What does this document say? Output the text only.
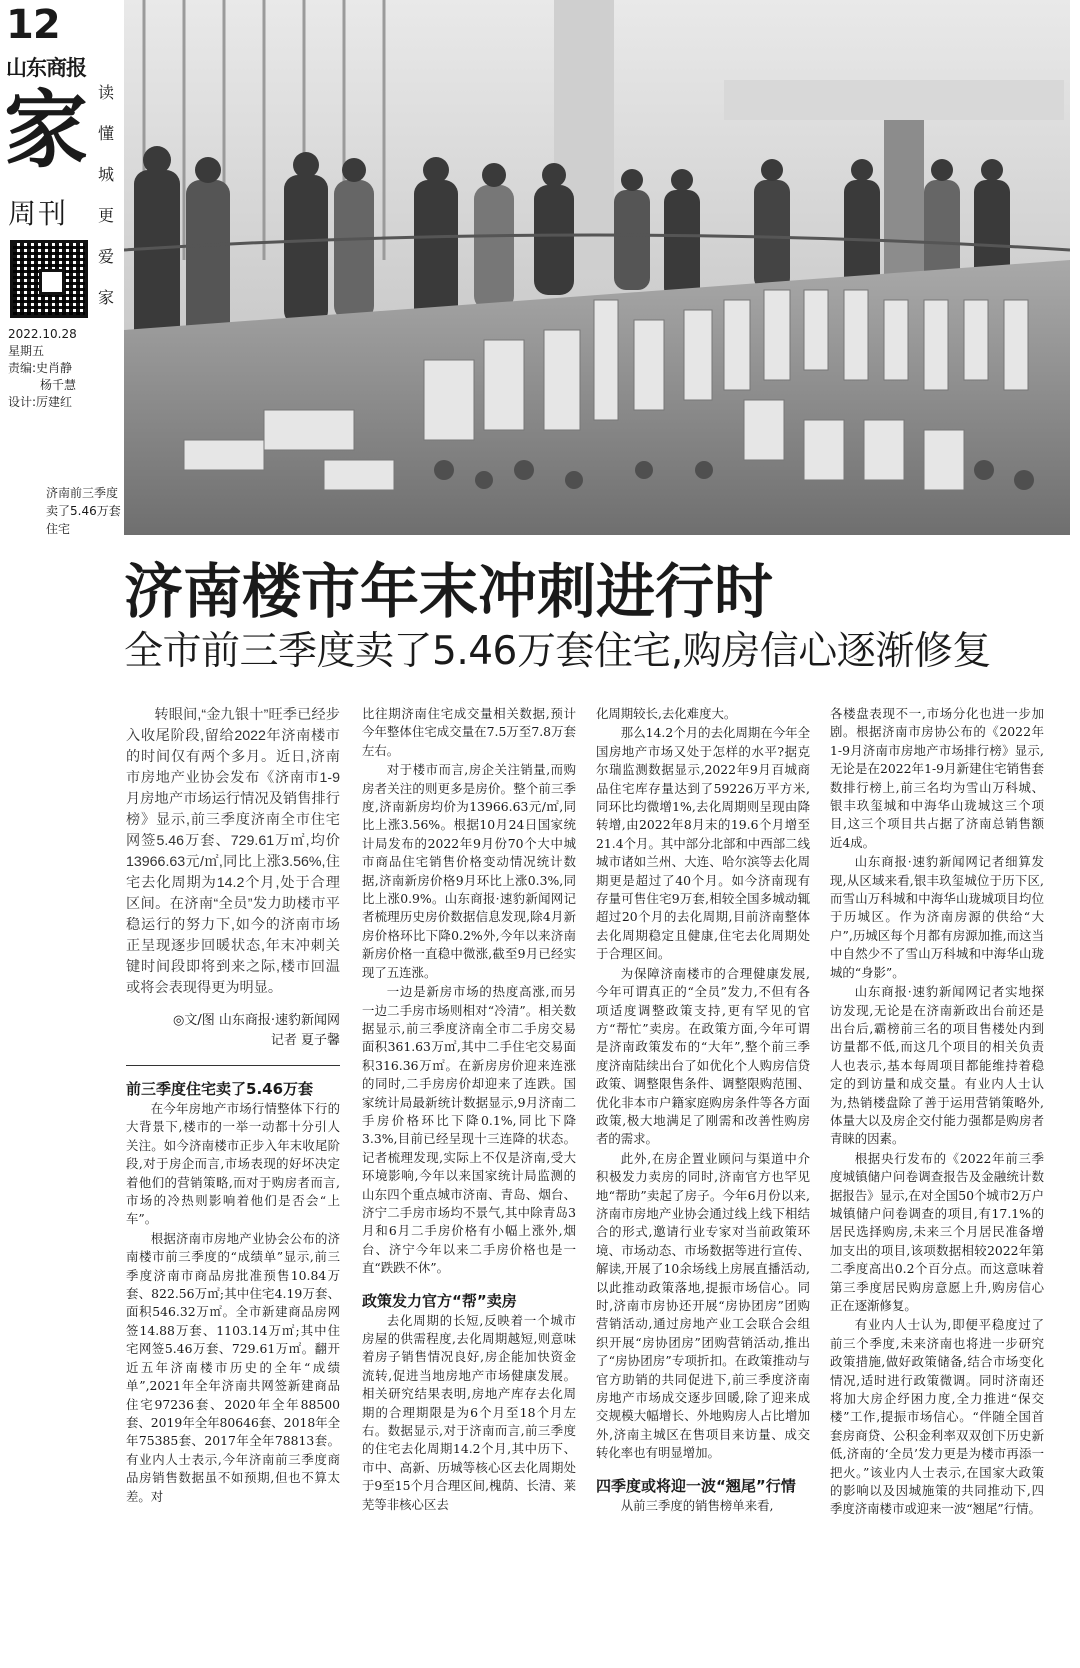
12
山东商报
家
周刊
读
懂
城
更
爱
家
2022.10.28
星期五
责编:史肖静
杨千慧
设计:厉建红
济南前三季度卖了5.46万套住宅
济南楼市年末冲刺进行时
全市前三季度卖了5.46万套住宅,购房信心逐渐修复

转眼间,“金九银十”旺季已经步入收尾阶段,留给2022年济南楼市的时间仅有两个多月。近日,济南市房地产业协会发布《济南市1-9月房地产市场运行情况及销售排行榜》显示,前三季度济南全市住宅网签5.46万套、729.61万㎡,均价13966.63元/㎡,同比上涨3.56%,住宅去化周期为14.2个月,处于合理区间。在济南“全员”发力助楼市平稳运行的努力下,如今的济南市场正呈现逐步回暖状态,年末冲刺关键时间段即将到来之际,楼市回温或将会表现得更为明显。

◎文/图 山东商报·速豹新闻网
记者 夏子馨

前三季度住宅卖了5.46万套

在今年房地产市场行情整体下行的大背景下,楼市的一举一动都十分引人关注。如今济南楼市正步入年末收尾阶段,对于房企而言,市场表现的好坏决定着他们的营销策略,而对于购房者而言,市场的冷热则影响着他们是否会“上车”。

根据济南市房地产业协会公布的济南楼市前三季度的“成绩单”显示,前三季度济南市商品房批准预售10.84万套、822.56万㎡;其中住宅4.19万套、面积546.32万㎡。全市新建商品房网签14.88万套、1103.14万㎡;其中住宅网签5.46万套、729.61万㎡。翻开近五年济南楼市历史的全年“成绩单”,2021年全年济南共网签新建商品住宅97236套、2020年全年88500套、2019年全年80646套、2018年全年75385套、2017年全年78813套。有业内人士表示,今年济南前三季度商品房销售数据虽不如预期,但也不算太差。对

比往期济南住宅成交量相关数据,预计今年整体住宅成交量在7.5万至7.8万套左右。

对于楼市而言,房企关注销量,而购房者关注的则更多是房价。整个前三季度,济南新房均价为13966.63元/㎡,同比上涨3.56%。根据10月24日国家统计局发布的2022年9月份70个大中城市商品住宅销售价格变动情况统计数据,济南新房价格9月环比上涨0.3%,同比上涨0.9%。山东商报·速豹新闻网记者梳理历史房价数据信息发现,除4月新房价格环比下降0.2%外,今年以来济南新房价格一直稳中微涨,截至9月已经实现了五连涨。

一边是新房市场的热度高涨,而另一边二手房市场则相对“冷清”。相关数据显示,前三季度济南全市二手房交易面积361.63万㎡,其中二手住宅交易面积316.36万㎡。在新房房价迎来连涨的同时,二手房房价却迎来了连跌。国家统计局最新统计数据显示,9月济南二手房价格环比下降0.1%,同比下降3.3%,目前已经呈现十三连降的状态。记者梳理发现,实际上不仅是济南,受大环境影响,今年以来国家统计局监测的山东四个重点城市济南、青岛、烟台、济宁二手房市场均不景气,其中除青岛3月和6月二手房价格有小幅上涨外,烟台、济宁今年以来二手房价格也是一直“跌跌不休”。

政策发力官方“帮”卖房

去化周期的长短,反映着一个城市房屋的供需程度,去化周期越短,则意味着房子销售情况良好,房企能加快资金流转,促进当地房地产市场健康发展。相关研究结果表明,房地产库存去化周期的合理期限是为6个月至18个月左右。数据显示,对于济南而言,前三季度的住宅去化周期14.2个月,其中历下、市中、高新、历城等核心区去化周期处于9至15个月合理区间,槐荫、长清、莱芜等非核心区去

化周期较长,去化难度大。

那么14.2个月的去化周期在今年全国房地产市场又处于怎样的水平?据克尔瑞监测数据显示,2022年9月百城商品住宅库存量达到了59226万平方米,同环比均微增1%,去化周期则呈现由降转增,由2022年8月末的19.6个月增至21.4个月。其中部分北部和中西部二线城市诸如兰州、大连、哈尔滨等去化周期更是超过了40个月。如今济南现有存量可售住宅9万套,相较全国多城动辄超过20个月的去化周期,目前济南整体去化周期稳定且健康,住宅去化周期处于合理区间。

为保障济南楼市的合理健康发展,今年可谓真正的“全员”发力,不但有各项适度调整政策支持,更有罕见的官方“帮忙”卖房。在政策方面,今年可谓是济南政策发布的“大年”,整个前三季度济南陆续出台了如优化个人购房信贷政策、调整限售条件、调整限购范围、优化非本市户籍家庭购房条件等各方面政策,极大地满足了刚需和改善性购房者的需求。

此外,在房企置业顾问与渠道中介积极发力卖房的同时,济南官方也罕见地“帮助”卖起了房子。今年6月份以来,济南市房地产业协会通过线上线下相结合的形式,邀请行业专家对当前政策环境、市场动态、市场数据等进行宣传、解读,开展了10余场线上房展直播活动,以此推动政策落地,提振市场信心。同时,济南市房协还开展“房协团房”团购营销活动,通过房地产业工会联合会组织开展“房协团房”团购营销活动,推出了“房协团房”专项折扣。在政策推动与官方助销的共同促进下,前三季度济南房地产市场成交逐步回暖,除了迎来成交规模大幅增长、外地购房人占比增加外,济南主城区在售项目来访量、成交转化率也有明显增加。

四季度或将迎一波“翘尾”行情

从前三季度的销售榜单来看,

各楼盘表现不一,市场分化也进一步加剧。根据济南市房协公布的《2022年1-9月济南市房地产市场排行榜》显示,无论是在2022年1-9月新建住宅销售套数排行榜上,前三名均为雪山万科城、银丰玖玺城和中海华山珑城这三个项目,这三个项目共占据了济南总销售额近4成。

山东商报·速豹新闻网记者细算发现,从区域来看,银丰玖玺城位于历下区,而雪山万科城和中海华山珑城项目均位于历城区。作为济南房源的供给“大户”,历城区每个月都有房源加推,而这当中自然少不了雪山万科城和中海华山珑城的“身影”。

山东商报·速豹新闻网记者实地探访发现,无论是在济南新政出台前还是出台后,霸榜前三名的项目售楼处内到访量都不低,而这几个项目的相关负责人也表示,基本每周项目都能维持着稳定的到访量和成交量。有业内人士认为,热销楼盘除了善于运用营销策略外,体量大以及房企交付能力强都是购房者青睐的因素。

根据央行发布的《2022年前三季度城镇储户问卷调查报告及金融统计数据报告》显示,在对全国50个城市2万户城镇储户问卷调查的项目,有17.1%的居民选择购房,未来三个月居民准备增加支出的项目,该项数据相较2022年第二季度高出0.2个百分点。而这意味着第三季度居民购房意愿上升,购房信心正在逐渐修复。

有业内人士认为,即便平稳度过了前三个季度,未来济南也将进一步研究政策措施,做好政策储备,结合市场变化情况,适时进行政策微调。同时济南还将加大房企纾困力度,全力推进“保交楼”工作,提振市场信心。“伴随全国首套房商贷、公积金利率双双创下历史新低,济南的‘全员’发力更是为楼市再添一把火。”该业内人士表示,在国家大政策的影响以及因城施策的共同推动下,四季度济南楼市或迎来一波“翘尾”行情。
